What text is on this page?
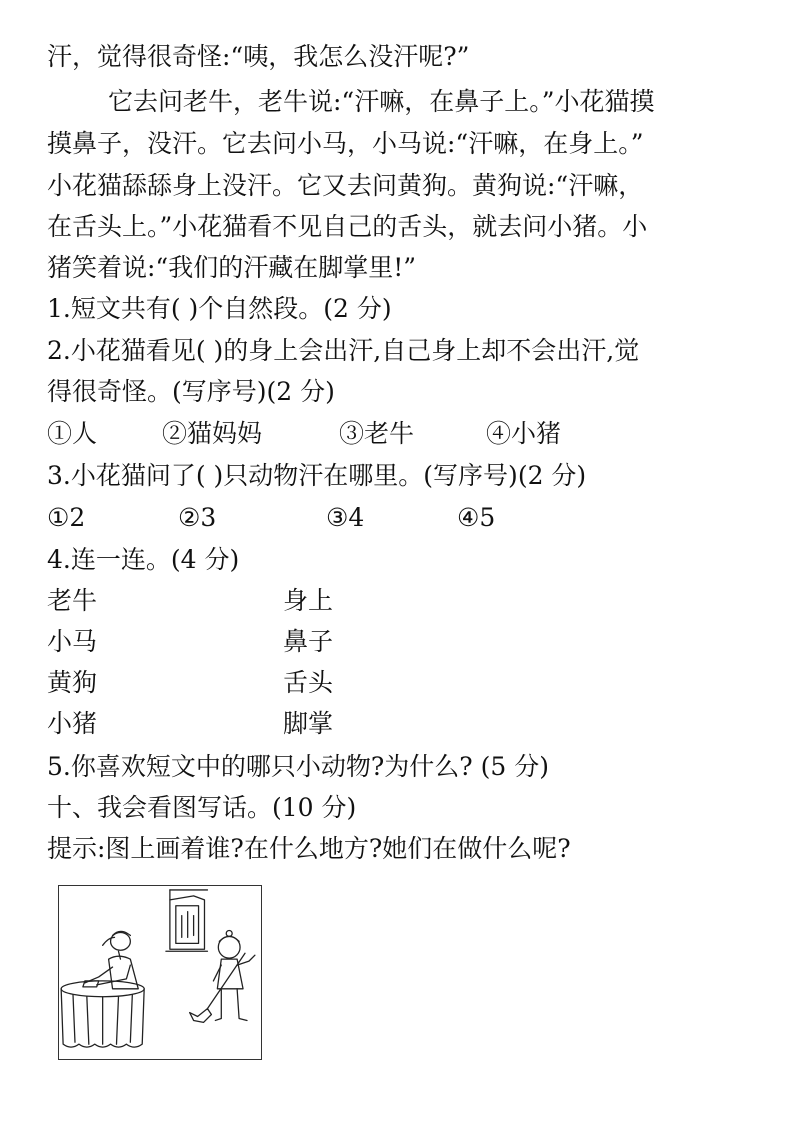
汗，觉得很奇怪:“咦，我怎么没汗呢?”
它去问老牛，老牛说:“汗嘛，在鼻子上。”小花猫摸
摸鼻子，没汗。它去问小马，小马说:“汗嘛，在身上。”
小花猫舔舔身上没汗。它又去问黄狗。黄狗说:“汗嘛，
在舌头上。”小花猫看不见自己的舌头，就去问小猪。小
猪笑着说:“我们的汗藏在脚掌里!”
1.短文共有( )个自然段。(2 分)
2.小花猫看见( )的身上会出汗,自己身上却不会出汗,觉
得很奇怪。(写序号)(2 分)
①人	②猫妈妈	③老牛	④小猪
3.小花猫问了( )只动物汗在哪里。(写序号)(2 分)
①2	②3	③4	④5
4.连一连。(4 分)
老牛	身上
小马	鼻子
黄狗	舌头
小猪	脚掌
5.你喜欢短文中的哪只小动物?为什么? (5 分)
十、我会看图写话。(10 分)
提示:图上画着谁?在什么地方?她们在做什么呢?
